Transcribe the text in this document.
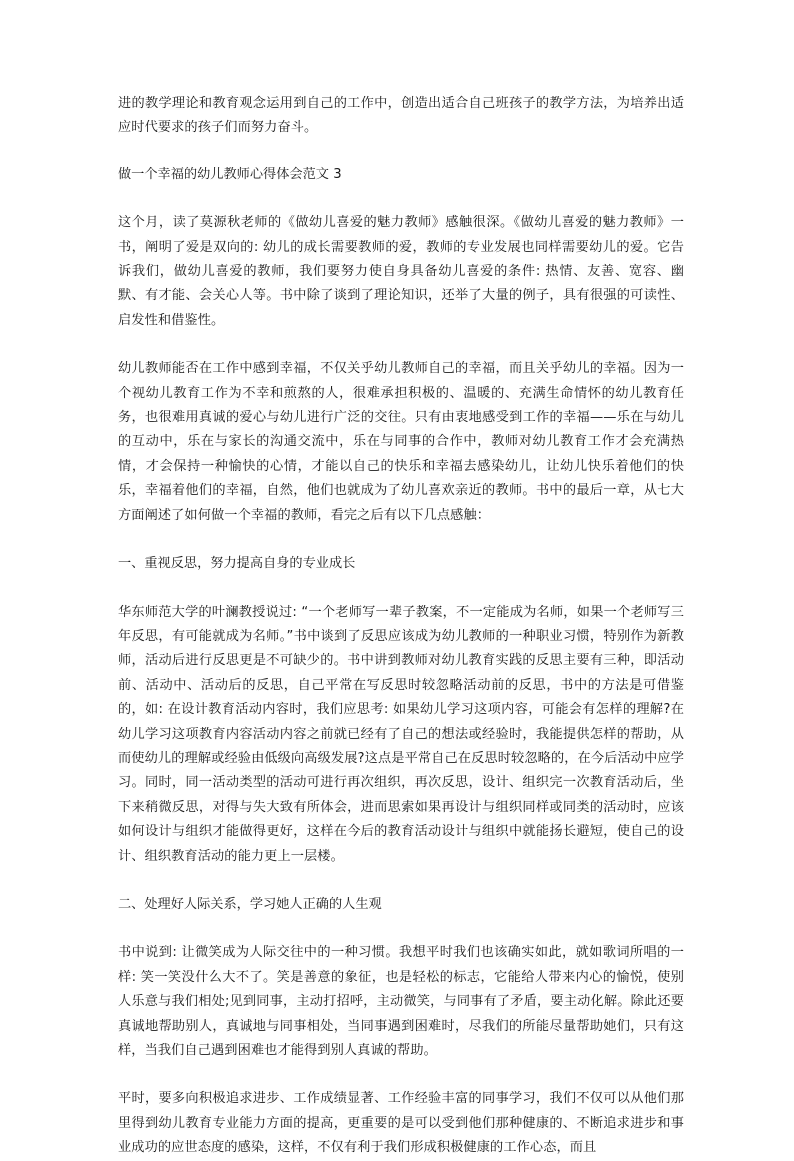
进的教学理论和教育观念运用到自己的工作中，创造出适合自己班孩子的教学方法，为培养出适应时代要求的孩子们而努力奋斗。

做一个幸福的幼儿教师心得体会范文 3

这个月，读了莫源秋老师的《做幼儿喜爱的魅力教师》感触很深。《做幼儿喜爱的魅力教师》一书，阐明了爱是双向的: 幼儿的成长需要教师的爱，教师的专业发展也同样需要幼儿的爱。它告诉我们，做幼儿喜爱的教师，我们要努力使自身具备幼儿喜爱的条件: 热情、友善、宽容、幽默、有才能、会关心人等。书中除了谈到了理论知识，还举了大量的例子，具有很强的可读性、启发性和借鉴性。

幼儿教师能否在工作中感到幸福，不仅关乎幼儿教师自己的幸福，而且关乎幼儿的幸福。因为一个视幼儿教育工作为不幸和煎熬的人，很难承担积极的、温暖的、充满生命情怀的幼儿教育任务，也很难用真诚的爱心与幼儿进行广泛的交往。只有由衷地感受到工作的幸福——乐在与幼儿的互动中，乐在与家长的沟通交流中，乐在与同事的合作中，教师对幼儿教育工作才会充满热情，才会保持一种愉快的心情，才能以自己的快乐和幸福去感染幼儿，让幼儿快乐着他们的快乐，幸福着他们的幸福，自然，他们也就成为了幼儿喜欢亲近的教师。书中的最后一章，从七大方面阐述了如何做一个幸福的教师，看完之后有以下几点感触：

一、重视反思，努力提高自身的专业成长

华东师范大学的叶澜教授说过: “一个老师写一辈子教案，不一定能成为名师，如果一个老师写三年反思，有可能就成为名师。”书中谈到了反思应该成为幼儿教师的一种职业习惯，特别作为新教师，活动后进行反思更是不可缺少的。书中讲到教师对幼儿教育实践的反思主要有三种，即活动前、活动中、活动后的反思，自己平常在写反思时较忽略活动前的反思，书中的方法是可借鉴的，如: 在设计教育活动内容时，我们应思考: 如果幼儿学习这项内容，可能会有怎样的理解?在幼儿学习这项教育内容活动内容之前就已经有了自己的想法或经验时，我能提供怎样的帮助，从而使幼儿的理解或经验由低级向高级发展?这点是平常自己在反思时较忽略的，在今后活动中应学习。同时，同一活动类型的活动可进行再次组织，再次反思，设计、组织完一次教育活动后，坐下来稍微反思，对得与失大致有所体会，进而思索如果再设计与组织同样或同类的活动时，应该如何设计与组织才能做得更好，这样在今后的教育活动设计与组织中就能扬长避短，使自己的设计、组织教育活动的能力更上一层楼。

二、处理好人际关系，学习她人正确的人生观

书中说到: 让微笑成为人际交往中的一种习惯。我想平时我们也该确实如此，就如歌词所唱的一样: 笑一笑没什么大不了。笑是善意的象征，也是轻松的标志，它能给人带来内心的愉悦，使别人乐意与我们相处;见到同事，主动打招呼，主动微笑，与同事有了矛盾，要主动化解。除此还要真诚地帮助别人，真诚地与同事相处，当同事遇到困难时，尽我们的所能尽量帮助她们，只有这样，当我们自己遇到困难也才能得到别人真诚的帮助。

平时，要多向积极追求进步、工作成绩显著、工作经验丰富的同事学习，我们不仅可以从他们那里得到幼儿教育专业能力方面的提高，更重要的是可以受到他们那种健康的、不断追求进步和事业成功的应世态度的感染，这样，不仅有利于我们形成积极健康的工作心态，而且
